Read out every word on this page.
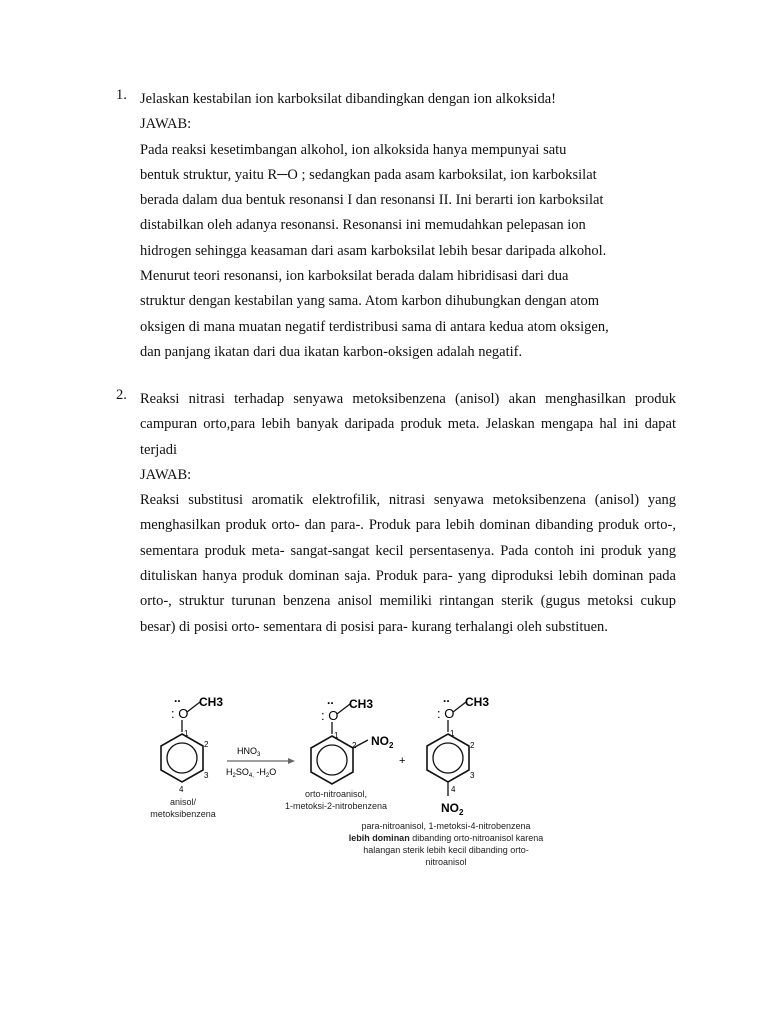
1. Jelaskan kestabilan ion karboksilat dibandingkan dengan ion alkoksida!
JAWAB:
Pada reaksi kesetimbangan alkohol, ion alkoksida hanya mempunyai satu
bentuk struktur, yaitu R─O ; sedangkan pada asam karboksilat, ion karboksilat
berada dalam dua bentuk resonansi I dan resonansi II. Ini berarti ion karboksilat
distabilkan oleh adanya resonansi. Resonansi ini memudahkan pelepasan ion
hidrogen sehingga keasaman dari asam karboksilat lebih besar daripada alkohol.
Menurut teori resonansi, ion karboksilat berada dalam hibridisasi dari dua
struktur dengan kestabilan yang sama. Atom karbon dihubungkan dengan atom
oksigen di mana muatan negatif terdistribusi sama di antara kedua atom oksigen,
dan panjang ikatan dari dua ikatan karbon-oksigen adalah negatif.
2. Reaksi nitrasi terhadap senyawa metoksibenzena (anisol) akan menghasilkan produk campuran orto,para lebih banyak daripada produk meta. Jelaskan mengapa hal ini dapat terjadi

JAWAB:

Reaksi substitusi aromatik elektrofilik, nitrasi senyawa metoksibenzena (anisol) yang menghasilkan produk orto- dan para-. Produk para lebih dominan dibanding produk orto-, sementara produk meta- sangat-sangat kecil persentasenya. Pada contoh ini produk yang dituliskan hanya produk dominan saja. Produk para- yang diproduksi lebih dominan pada orto-, struktur turunan benzena anisol memiliki rintangan sterik (gugus metoksi cukup besar) di posisi orto- sementara di posisi para- kurang terhalangi oleh substituen.

..
: O
CH3
1
2
3
4
$HNO_3$
$H_2SO_{4,}$ $-H_2O$
..
: O
CH3
1
2 $NO_2$
+
..
: O
CH3
1
2
3
4
$NO_2$
anisol/
metoksibenzena
orto-nitroanisol,
1-metoksi-2-nitrobenzena
para-nitroanisol, 1-metoksi-4-nitrobenzena
lebih dominan dibanding orto-nitroanisol karena
halangan sterik lebih kecil dibanding orto-
nitroanisol
